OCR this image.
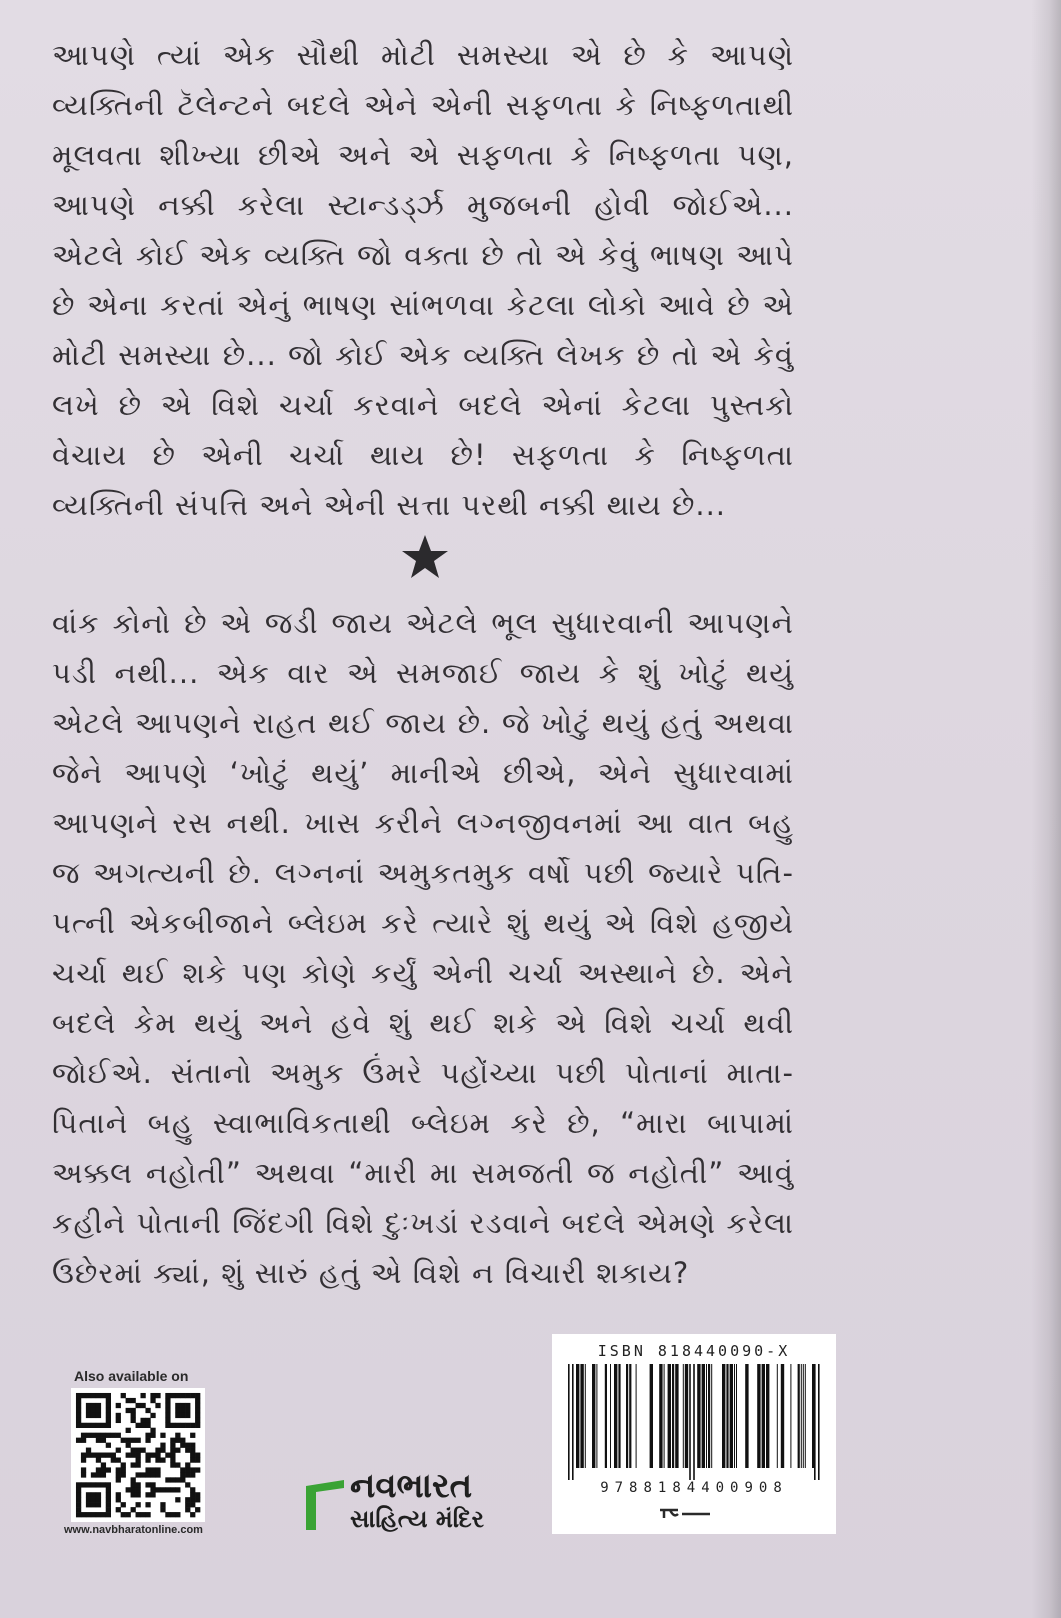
આપણે ત્યાં એક સૌથી મોટી સમસ્યા એ છે કે આપણે વ્યક્તિની ટૅલેન્ટને બદલે એને એની સફળતા કે નિષ્ફળતાથી મૂલવતા શીખ્યા છીએ અને એ સફળતા કે નિષ્ફળતા પણ, આપણે નક્કી કરેલા સ્ટાન્ડર્ડ્ઝ મુજબની હોવી જોઈએ... એટલે કોઈ એક વ્યક્તિ જો વક્તા છે તો એ કેવું ભાષણ આપે છે એના કરતાં એનું ભાષણ સાંભળવા કેટલા લોકો આવે છે એ મોટી સમસ્યા છે... જો કોઈ એક વ્યક્તિ લેખક છે તો એ કેવું લખે છે એ વિશે ચર્ચા કરવાને બદલે એનાં કેટલા પુસ્તકો વેચાય છે એની ચર્ચા થાય છે! સફળતા કે નિષ્ફળતા વ્યક્તિની સંપત્તિ અને એની સત્તા પરથી નક્કી થાય છે...

વાંક કોનો છે એ જડી જાય એટલે ભૂલ સુધારવાની આપણને પડી નથી... એક વાર એ સમજાઈ જાય કે શું ખોટું થયું એટલે આપણને રાહત થઈ જાય છે. જે ખોટું થયું હતું અથવા જેને આપણે ‘ખોટું થયું’ માનીએ છીએ, એને સુધારવામાં આપણને રસ નથી. ખાસ કરીને લગ્નજીવનમાં આ વાત બહુ જ અગત્યની છે. લગ્નનાં અમુકતમુક વર્ષો પછી જ્યારે પતિ-પત્ની એકબીજાને બ્લેઇમ કરે ત્યારે શું થયું એ વિશે હજીયે ચર્ચા થઈ શકે પણ કોણે કર્યું એની ચર્ચા અસ્થાને છે. એને બદલે કેમ થયું અને હવે શું થઈ શકે એ વિશે ચર્ચા થવી જોઈએ. સંતાનો અમુક ઉંમરે પહોંચ્યા પછી પોતાનાં માતા-પિતાને બહુ સ્વાભાવિકતાથી બ્લેઇમ કરે છે, “મારા બાપામાં અક્કલ નહોતી” અથવા “મારી મા સમજતી જ નહોતી” આવું કહીને પોતાની જિંદગી વિશે દુઃખડાં રડવાને બદલે એમણે કરેલા ઉછેરમાં ક્યાં, શું સારું હતું એ વિશે ન વિચારી શકાય?

Also available on

www.navbharatonline.com

નવભારત

સાહિત્ય મંદિર

ISBN 818440090-X

9788184400908
